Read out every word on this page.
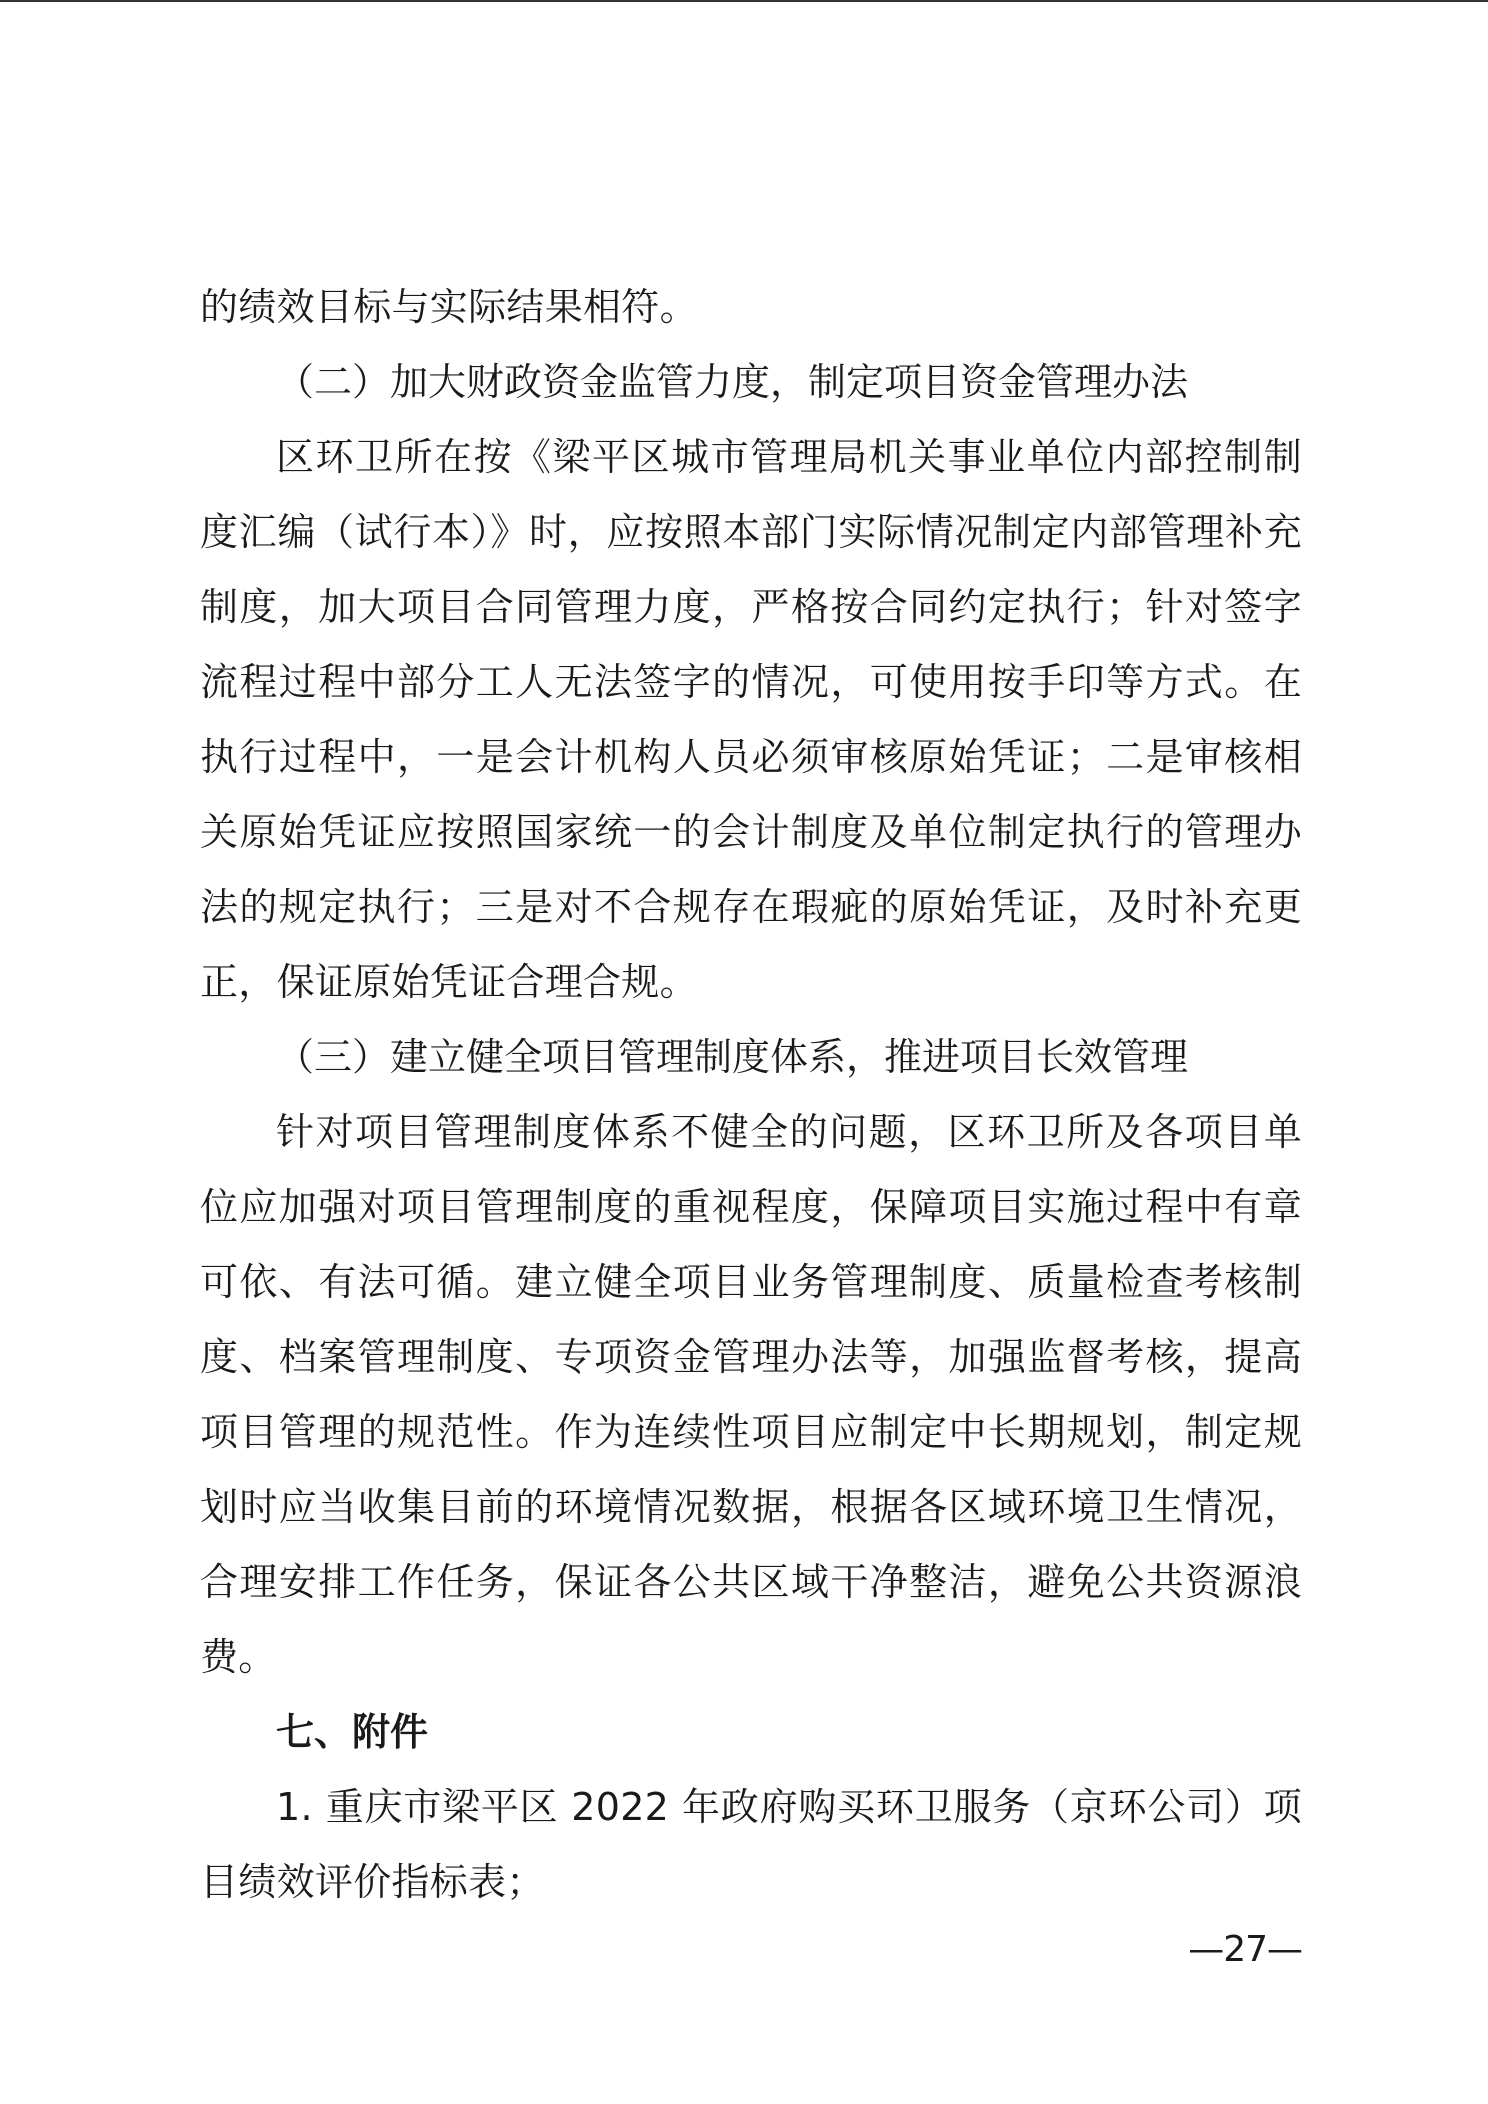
的绩效目标与实际结果相符。

（二）加大财政资金监管力度，制定项目资金管理办法

区环卫所在按《梁平区城市管理局机关事业单位内部控制制度汇编（试行本）》时，应按照本部门实际情况制定内部管理补充制度，加大项目合同管理力度，严格按合同约定执行；针对签字流程过程中部分工人无法签字的情况，可使用按手印等方式。在执行过程中，一是会计机构人员必须审核原始凭证；二是审核相关原始凭证应按照国家统一的会计制度及单位制定执行的管理办法的规定执行；三是对不合规存在瑕疵的原始凭证，及时补充更正，保证原始凭证合理合规。

（三）建立健全项目管理制度体系，推进项目长效管理

针对项目管理制度体系不健全的问题，区环卫所及各项目单位应加强对项目管理制度的重视程度，保障项目实施过程中有章可依、有法可循。建立健全项目业务管理制度、质量检查考核制度、档案管理制度、专项资金管理办法等，加强监督考核，提高项目管理的规范性。作为连续性项目应制定中长期规划，制定规划时应当收集目前的环境情况数据，根据各区域环境卫生情况，合理安排工作任务，保证各公共区域干净整洁，避免公共资源浪费。

七、附件

1. 重庆市梁平区 2022 年政府购买环卫服务（京环公司）项目绩效评价指标表；

—27—
